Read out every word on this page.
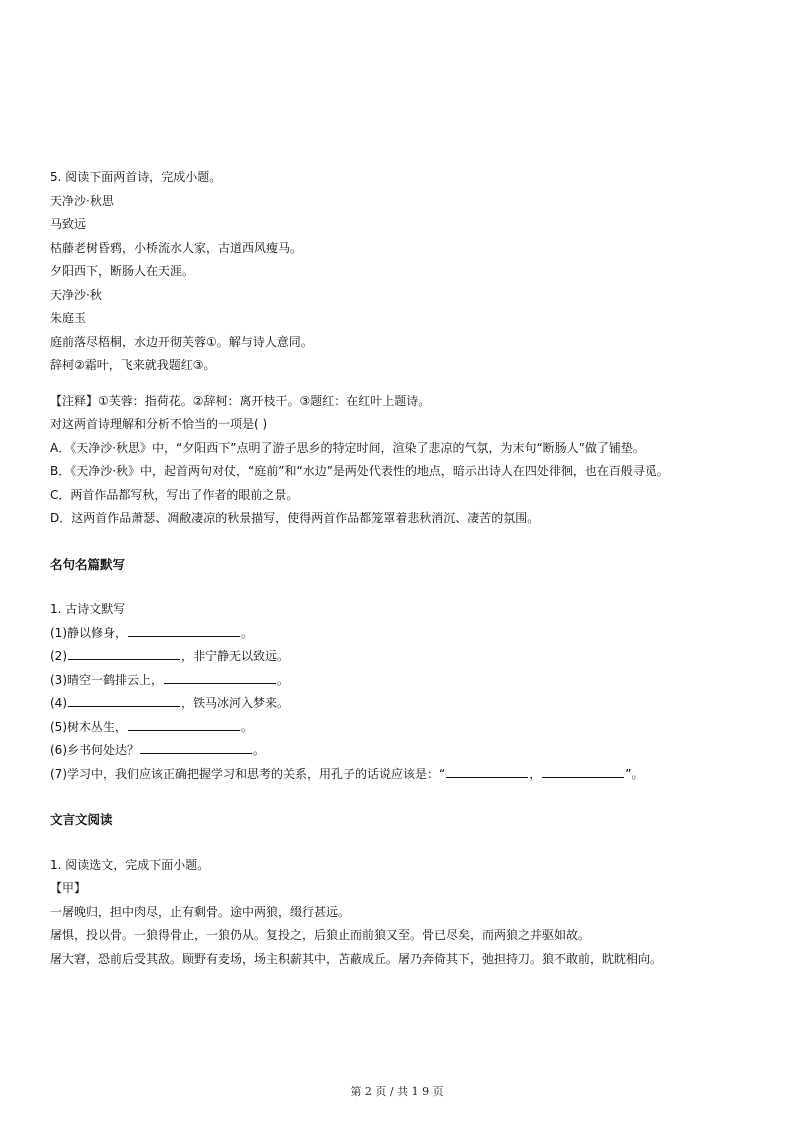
5. 阅读下面两首诗，完成小题。

天净沙·秋思

马致远

枯藤老树昏鸦，小桥流水人家，古道西风瘦马。

夕阳西下，断肠人在天涯。

天净沙·秋

朱庭玉

庭前落尽梧桐，水边开彻芙蓉①。解与诗人意同。

辞柯②霜叶，飞来就我题红③。

【注释】①芙蓉：指荷花。②辞柯：离开枝干。③题红：在红叶上题诗。

对这两首诗理解和分析不恰当的一项是( )

A．《天净沙·秋思》中，“夕阳西下”点明了游子思乡的特定时间，渲染了悲凉的气氛，为末句“断肠人”做了铺垫。

B．《天净沙·秋》中，起首两句对仗，“庭前”和“水边”是两处代表性的地点，暗示出诗人在四处徘徊，也在百般寻觅。

C．两首作品都写秋，写出了作者的眼前之景。

D．这两首作品萧瑟、凋敝凄凉的秋景描写，使得两首作品都笼罩着悲秋消沉、凄苦的氛围。

名句名篇默写

1. 古诗文默写

(1)静以修身，	。

(2)	，非宁静无以致远。

(3)晴空一鹤排云上，	。

(4)	，铁马冰河入梦来。

(5)树木丛生，	。

(6)乡书何处达？	。

(7)学习中，我们应该正确把握学习和思考的关系，用孔子的话说应该是：“	，	”。

文言文阅读

1. 阅读选文，完成下面小题。

【甲】

一屠晚归，担中肉尽，止有剩骨。途中两狼，缀行甚远。

屠惧，投以骨。一狼得骨止，一狼仍从。复投之，后狼止而前狼又至。骨已尽矣，而两狼之并驱如故。

屠大窘，恐前后受其敌。顾野有麦场，场主积薪其中，苫蔽成丘。屠乃奔倚其下，弛担持刀。狼不敢前，眈眈相向。

第 2 页 / 共 1 9 页
